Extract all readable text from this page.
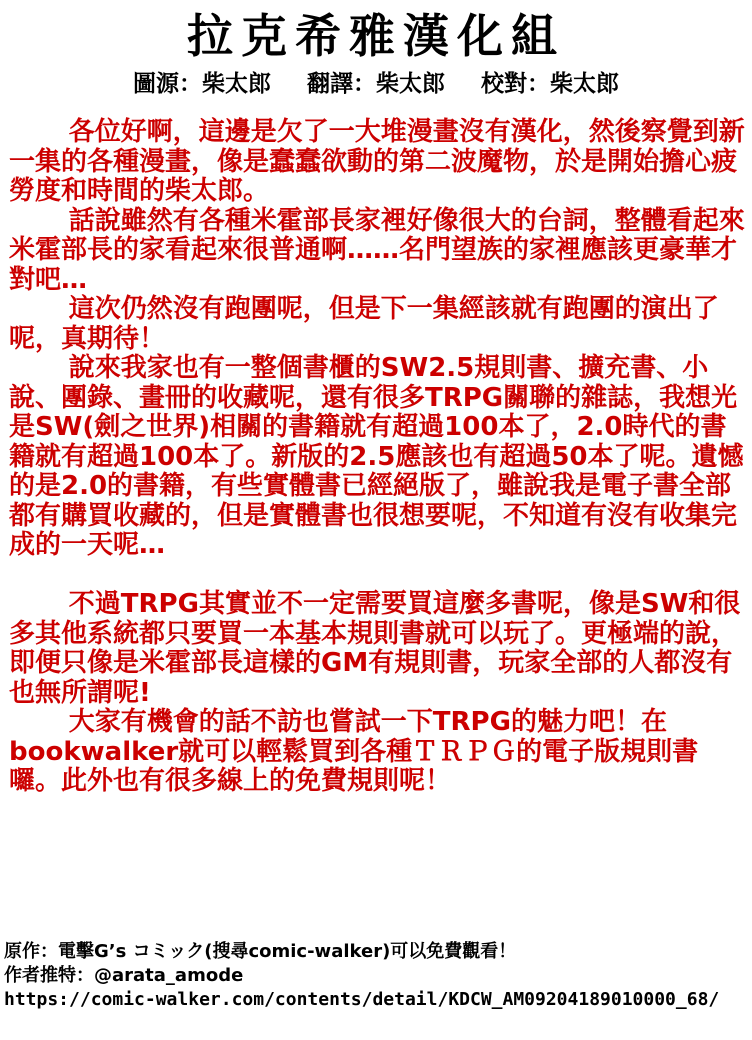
拉克希雅漢化組
圖源：柴太郎 翻譯：柴太郎 校對：柴太郎

各位好啊，這邊是欠了一大堆漫畫沒有漢化，然後察覺到新一集的各種漫畫，像是蠢蠢欲動的第二波魔物，於是開始擔心疲勞度和時間的柴太郎。

話說雖然有各種米霍部長家裡好像很大的台詞，整體看起來米霍部長的家看起來很普通啊……名門望族的家裡應該更豪華才對吧…

這次仍然沒有跑團呢，但是下一集經該就有跑團的演出了呢，真期待！

說來我家也有一整個書櫃的SW2.5規則書、擴充書、小說、團錄、畫冊的收藏呢，還有很多TRPG關聯的雜誌，我想光是SW(劍之世界)相關的書籍就有超過100本了，2.0時代的書籍就有超過100本了。新版的2.5應該也有超過50本了呢。遺憾的是2.0的書籍，有些實體書已經絕版了，雖說我是電子書全部都有購買收藏的，但是實體書也很想要呢，不知道有沒有收集完成的一天呢…

不過TRPG其實並不一定需要買這麼多書呢，像是SW和很多其他系統都只要買一本基本規則書就可以玩了。更極端的說，即便只像是米霍部長這樣的GM有規則書，玩家全部的人都沒有也無所謂呢!

大家有機會的話不訪也嘗試一下TRPG的魅力吧！在bookwalker就可以輕鬆買到各種ＴＲＰＧ的電子版規則書囉。此外也有很多線上的免費規則呢！

原作：電擊G’s コミック(搜尋comic-walker)可以免費觀看！
作者推特：@arata_amode
https://comic-walker.com/contents/detail/KDCW_AM09204189010000_68/
